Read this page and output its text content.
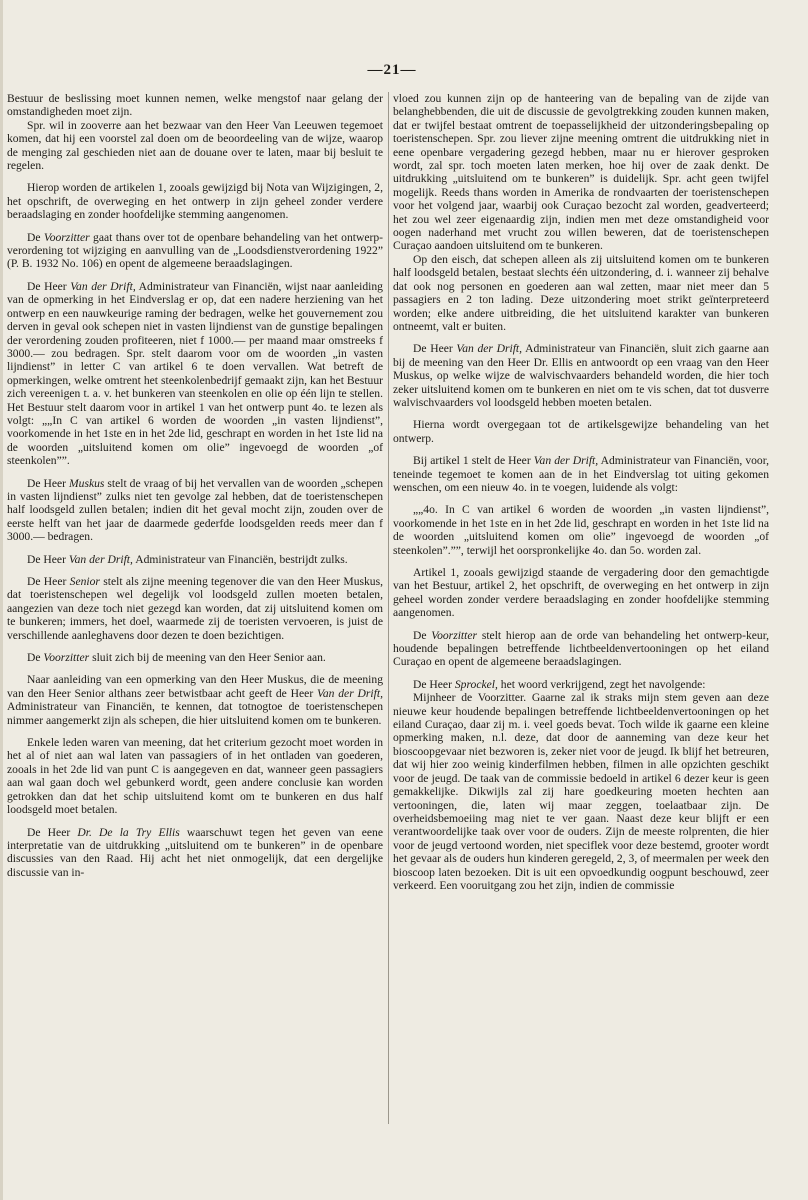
—21—

Bestuur de beslissing moet kunnen nemen, welke mengstof naar gelang der omstandigheden moet zijn.

Spr. wil in zooverre aan het bezwaar van den Heer Van Leeuwen tegemoet komen, dat hij een voorstel zal doen om de beoordeeling van de wijze, waarop de menging zal geschieden niet aan de douane over te laten, maar bij besluit te regelen.

Hierop worden de artikelen 1, zooals gewijzigd bij Nota van Wijzigingen, 2, het opschrift, de overweging en het ontwerp in zijn geheel zonder verdere beraadslaging en zonder hoofdelijke stemming aangenomen.

De Voorzitter gaat thans over tot de openbare behandeling van het ontwerp-verordening tot wijziging en aanvulling van de „Loodsdienstverordening 1922” (P. B. 1932 No. 106) en opent de algemeene beraadslagingen.

De Heer Van der Drift, Administrateur van Financiën, wijst naar aanleiding van de opmerking in het Eindverslag er op, dat een nadere herziening van het ontwerp en een nauwkeurige raming der bedragen, welke het gouvernement zou derven in geval ook schepen niet in vasten lijndienst van de gunstige bepalingen der verordening zouden profiteeren, niet f 1000.— per maand maar omstreeks f 3000.— zou bedragen. Spr. stelt daarom voor om de woorden „in vasten lijndienst” in letter C van artikel 6 te doen vervallen. Wat betreft de opmerkingen, welke omtrent het steenkolenbedrijf gemaakt zijn, kan het Bestuur zich vereenigen t. a. v. het bunkeren van steenkolen en olie op één lijn te stellen. Het Bestuur stelt daarom voor in artikel 1 van het ontwerp punt 4o. te lezen als volgt: „„In C van artikel 6 worden de woorden „in vasten lijndienst”, voorkomende in het 1ste en in het 2de lid, geschrapt en worden in het 1ste lid na de woorden „uitsluitend komen om olie” ingevoegd de woorden „of steenkolen””.

De Heer Muskus stelt de vraag of bij het vervallen van de woorden „schepen in vasten lijndienst” zulks niet ten gevolge zal hebben, dat de toeristenschepen half loodsgeld zullen betalen; indien dit het geval mocht zijn, zouden over de eerste helft van het jaar de daarmede gederfde loodsgelden reeds meer dan f 3000.— bedragen.

De Heer Van der Drift, Administrateur van Financiën, bestrijdt zulks.

De Heer Senior stelt als zijne meening tegenover die van den Heer Muskus, dat toeristenschepen wel degelijk vol loodsgeld zullen moeten betalen, aangezien van deze toch niet gezegd kan worden, dat zij uitsluitend komen om te bunkeren; immers, het doel, waarmede zij de toeristen vervoeren, is juist de verschillende aanleghavens door dezen te doen bezichtigen.

De Voorzitter sluit zich bij de meening van den Heer Senior aan.

Naar aanleiding van een opmerking van den Heer Muskus, die de meening van den Heer Senior althans zeer betwistbaar acht geeft de Heer Van der Drift, Administrateur van Financiën, te kennen, dat totnogtoe de toeristenschepen nimmer aangemerkt zijn als schepen, die hier uitsluitend komen om te bunkeren.

Enkele leden waren van meening, dat het criterium gezocht moet worden in het al of niet aan wal laten van passagiers of in het ontladen van goederen, zooals in het 2de lid van punt C is aangegeven en dat, wanneer geen passagiers aan wal gaan doch wel gebunkerd wordt, geen andere conclusie kan worden getrokken dan dat het schip uitsluitend komt om te bunkeren en dus half loodsgeld moet betalen.

De Heer Dr. De la Try Ellis waarschuwt tegen het geven van eene interpretatie van de uitdrukking „uitsluitend om te bunkeren” in de openbare discussies van den Raad. Hij acht het niet onmogelijk, dat een dergelijke discussie van in-

vloed zou kunnen zijn op de hanteering van de bepaling van de zijde van belanghebbenden, die uit de discussie de gevolgtrekking zouden kunnen maken, dat er twijfel bestaat omtrent de toepasselijkheid der uitzonderingsbepaling op toeristenschepen. Spr. zou liever zijne meening omtrent die uitdrukking niet in eene openbare vergadering gezegd hebben, maar nu er hierover gesproken wordt, zal spr. toch moeten laten merken, hoe hij over de zaak denkt. De uitdrukking „uitsluitend om te bunkeren” is duidelijk. Spr. acht geen twijfel mogelijk. Reeds thans worden in Amerika de rondvaarten der toeristenschepen voor het volgend jaar, waarbij ook Curaçao bezocht zal worden, geadverteerd; het zou wel zeer eigenaardig zijn, indien men met deze omstandigheid voor oogen naderhand met vrucht zou willen beweren, dat de toeristenschepen Curaçao aandoen uitsluitend om te bunkeren.

Op den eisch, dat schepen alleen als zij uitsluitend komen om te bunkeren half loodsgeld betalen, bestaat slechts één uitzondering, d. i. wanneer zij behalve dat ook nog personen en goederen aan wal zetten, maar niet meer dan 5 passagiers en 2 ton lading. Deze uitzondering moet strikt geïnterpreteerd worden; elke andere uitbreiding, die het uitsluitend karakter van bunkeren ontneemt, valt er buiten.

De Heer Van der Drift, Administrateur van Financiën, sluit zich gaarne aan bij de meening van den Heer Dr. Ellis en antwoordt op een vraag van den Heer Muskus, op welke wijze de walvischvaarders behandeld worden, die hier toch zeker uitsluitend komen om te bunkeren en niet om te vis schen, dat tot dusverre walvischvaarders vol loodsgeld hebben moeten betalen.

Hierna wordt overgegaan tot de artikelsgewijze behandeling van het ontwerp.

Bij artikel 1 stelt de Heer Van der Drift, Administrateur van Financiën, voor, teneinde tegemoet te komen aan de in het Eindverslag tot uiting gekomen wenschen, om een nieuw 4o. in te voegen, luidende als volgt:

„„4o. In C van artikel 6 worden de woorden „in vasten lijndienst”, voorkomende in het 1ste en in het 2de lid, geschrapt en worden in het 1ste lid na de woorden „uitsluitend komen om olie” ingevoegd de woorden „of steenkolen”.””, terwijl het oorspronkelijke 4o. dan 5o. worden zal.

Artikel 1, zooals gewijzigd staande de vergadering door den gemachtigde van het Bestuur, artikel 2, het opschrift, de overweging en het ontwerp in zijn geheel worden zonder verdere beraadslaging en zonder hoofdelijke stemming aangenomen.

De Voorzitter stelt hierop aan de orde van behandeling het ontwerp-keur, houdende bepalingen betreffende lichtbeeldenvertooningen op het eiland Curaçao en opent de algemeene beraadslagingen.

De Heer Sprockel, het woord verkrijgend, zegt het navolgende:

Mijnheer de Voorzitter. Gaarne zal ik straks mijn stem geven aan deze nieuwe keur houdende bepalingen betreffende lichtbeeldenvertooningen op het eiland Curaçao, daar zij m. i. veel goeds bevat. Toch wilde ik gaarne een kleine opmerking maken, n.l. deze, dat door de aanneming van deze keur het bioscoopgevaar niet bezworen is, zeker niet voor de jeugd. Ik blijf het betreuren, dat wij hier zoo weinig kinderfilmen hebben, filmen in alle opzichten geschikt voor de jeugd. De taak van de commissie bedoeld in artikel 6 dezer keur is geen gemakkelijke. Dikwijls zal zij hare goedkeuring moeten hechten aan vertooningen, die, laten wij maar zeggen, toelaatbaar zijn. De overheidsbemoeiing mag niet te ver gaan. Naast deze keur blijft er een verantwoordelijke taak over voor de ouders. Zijn de meeste rolprenten, die hier voor de jeugd vertoond worden, niet speciflek voor deze bestemd, grooter wordt het gevaar als de ouders hun kinderen geregeld, 2, 3, of meermalen per week den bioscoop laten bezoeken. Dit is uit een opvoedkundig oogpunt beschouwd, zeer verkeerd. Een vooruitgang zou het zijn, indien de commissie
